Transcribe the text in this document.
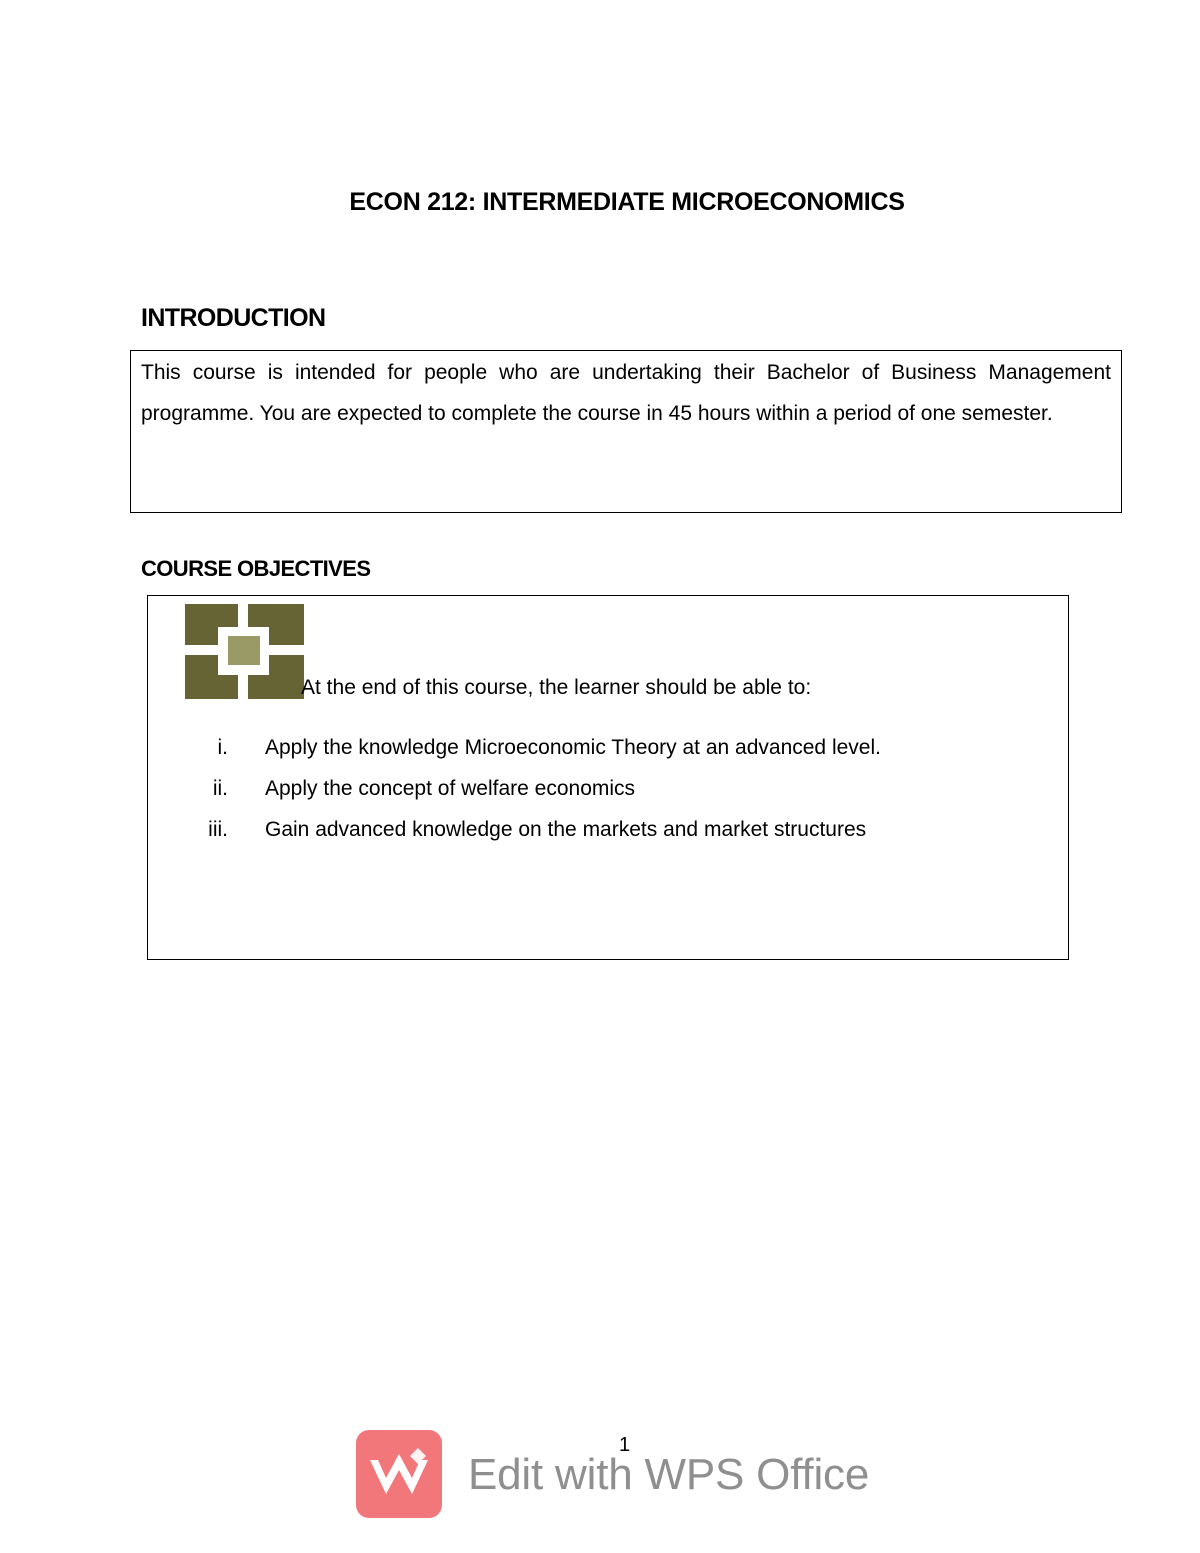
ECON 212: INTERMEDIATE MICROECONOMICS
INTRODUCTION
This course is intended for people who are undertaking their Bachelor of Business Management programme. You are expected to complete the course in 45 hours within a period of one semester.
COURSE OBJECTIVES
At the end of this course, the learner should be able to:
i. Apply the knowledge Microeconomic Theory at an advanced level.
ii. Apply the concept of welfare economics
iii. Gain advanced knowledge on the markets and market structures
1
Edit with WPS Office
